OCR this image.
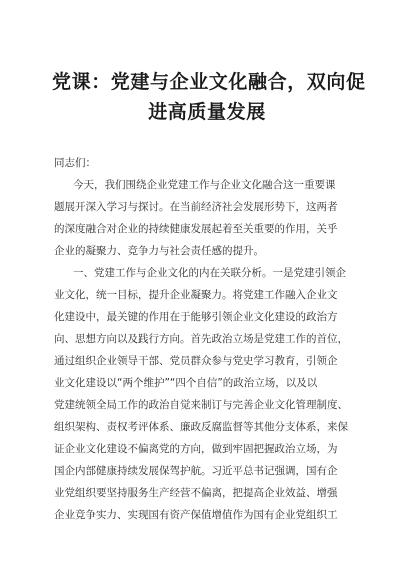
党课：党建与企业文化融合，双向促
进高质量发展
同志们：
今天，我们围绕企业党建工作与企业文化融合这一重要课
题展开深入学习与探讨。在当前经济社会发展形势下，这两者
的深度融合对企业的持续健康发展起着至关重要的作用，关乎
企业的凝聚力、竞争力与社会责任感的提升。
一、党建工作与企业文化的内在关联分析。一是党建引领企
业文化，统一目标，提升企业凝聚力。将党建工作融入企业文
化建设中，最关键的作用在于能够引领企业文化建设的政治方
向、思想方向以及践行方向。首先政治立场是党建工作的首位，
通过组织企业领导干部、党员群众参与党史学习教育，引领企
业文化建设以“两个维护”“四个自信”的政治立场，以及以
党建统领全局工作的政治自觉来制订与完善企业文化管理制度、
组织架构、责权考评体系、廉政反腐监督等其他分支体系，来保
证企业文化建设不偏离党的方向，做到牢固把握政治立场，为
国企内部健康持续发展保驾护航。习近平总书记强调，国有企
业党组织要坚持服务生产经营不偏离，把提高企业效益、增强
企业竞争实力、实现国有资产保值增值作为国有企业党组织工
